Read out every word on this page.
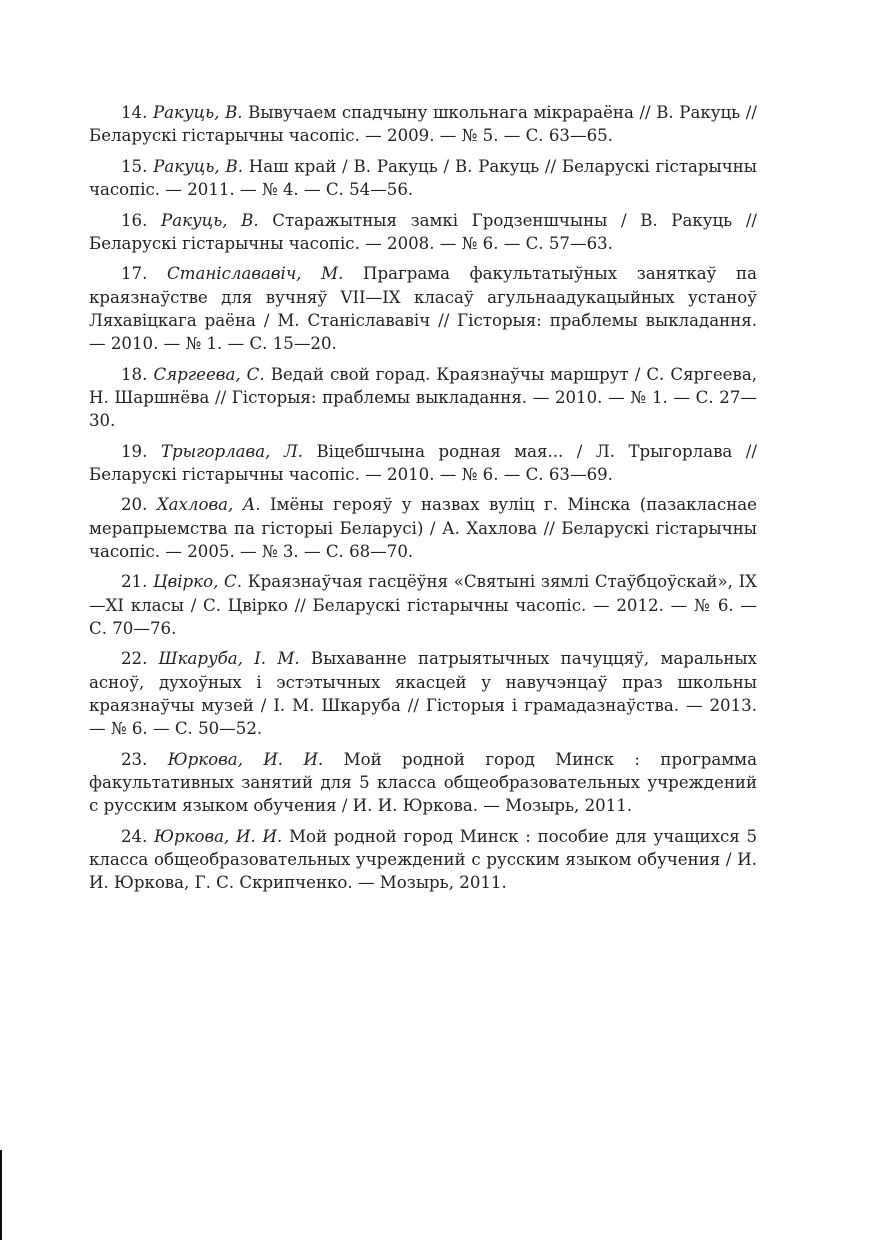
14. Ракуць, В. Вывучаем спадчыну школьнага мікрараёна // В. Ракуць // Беларускі гістарычны часопіс. — 2009. — № 5. — С. 63—65.

15. Ракуць, В. Наш край / В. Ракуць / В. Ракуць // Беларускі гістарычны часопіс. — 2011. — № 4. — С. 54—56.

16. Ракуць, В. Старажытныя замкі Гродзеншчыны / В. Ракуць // Беларускі гістарычны часопіс. — 2008. — № 6. — С. 57—63.

17. Станіслававіч, М. Праграма факультатыўных заняткаў па краязнаўстве для вучняў VII—IX класаў агульнаадукацыйных устаноў Ляхавіцкага раёна / М. Станіслававіч // Гісторыя: праблемы выкладання. — 2010. — № 1. — С. 15—20.

18. Сяргеева, С. Ведай свой горад. Краязнаўчы маршрут / С. Сяргеева, Н. Шаршнёва // Гісторыя: праблемы выкладання. — 2010. — № 1. — С. 27—30.

19. Трыгорлава, Л. Віцебшчына родная мая... / Л. Трыгорлава // Беларускі гістарычны часопіс. — 2010. — № 6. — С. 63—69.

20. Хахлова, А. Імёны герояў у назвах вуліц г. Мінска (пазакласнае мерапрыемства па гісторыі Беларусі) / А. Хахлова // Беларускі гістарычны часопіс. — 2005. — № 3. — С. 68—70.

21. Цвірко, С. Краязнаўчая гасцёўня «Святыні зямлі Стаўбцоўскай», IX—XI класы / С. Цвірко // Беларускі гістарычны часопіс. — 2012. — № 6. — С. 70—76.

22. Шкаруба, І. М. Выхаванне патрыятычных пачуццяў, маральных асноў, духоўных і эстэтычных якасцей у навучэнцаў праз школьны краязнаўчы музей / І. М. Шкаруба // Гісторыя і грамадазнаўства. — 2013. — № 6. — С. 50—52.

23. Юркова, И. И. Мой родной город Минск : программа факультативных занятий для 5 класса общеобразовательных учреждений с русским языком обучения / И. И. Юркова. — Мозырь, 2011.

24. Юркова, И. И. Мой родной город Минск : пособие для учащихся 5 класса общеобразовательных учреждений с русским языком обучения / И. И. Юркова, Г. С. Скрипченко. — Мозырь, 2011.
